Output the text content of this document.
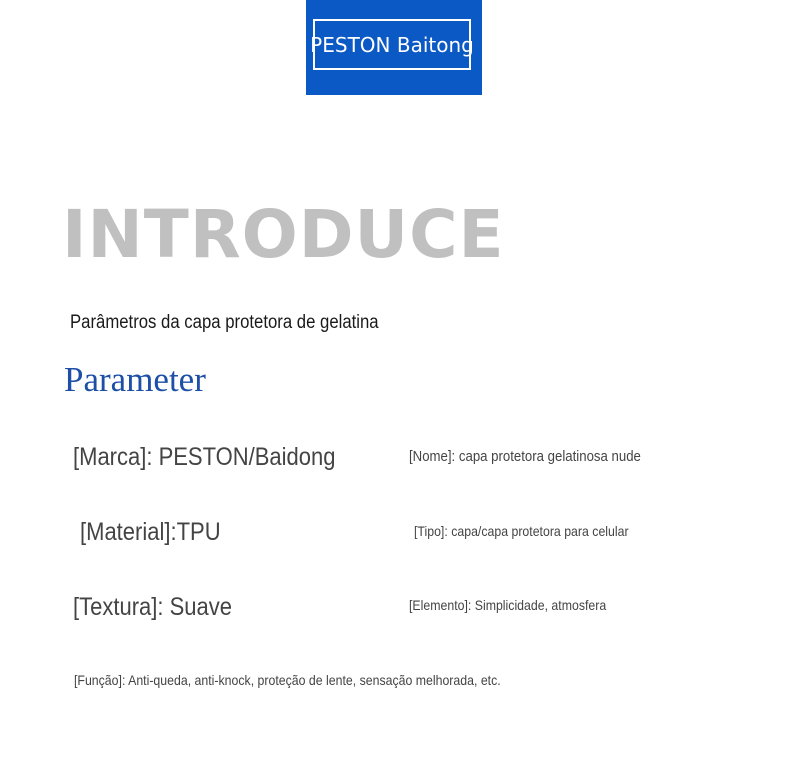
PESTON Baitong
INTRODUCE
Parâmetros da capa protetora de gelatina
Parameter
[Marca]: PESTON/Baidong	[Nome]: capa protetora gelatinosa nude
[Material]:TPU	[Tipo]: capa/capa protetora para celular
[Textura]: Suave	[Elemento]: Simplicidade, atmosfera
[Função]: Anti-queda, anti-knock, proteção de lente, sensação melhorada, etc.
